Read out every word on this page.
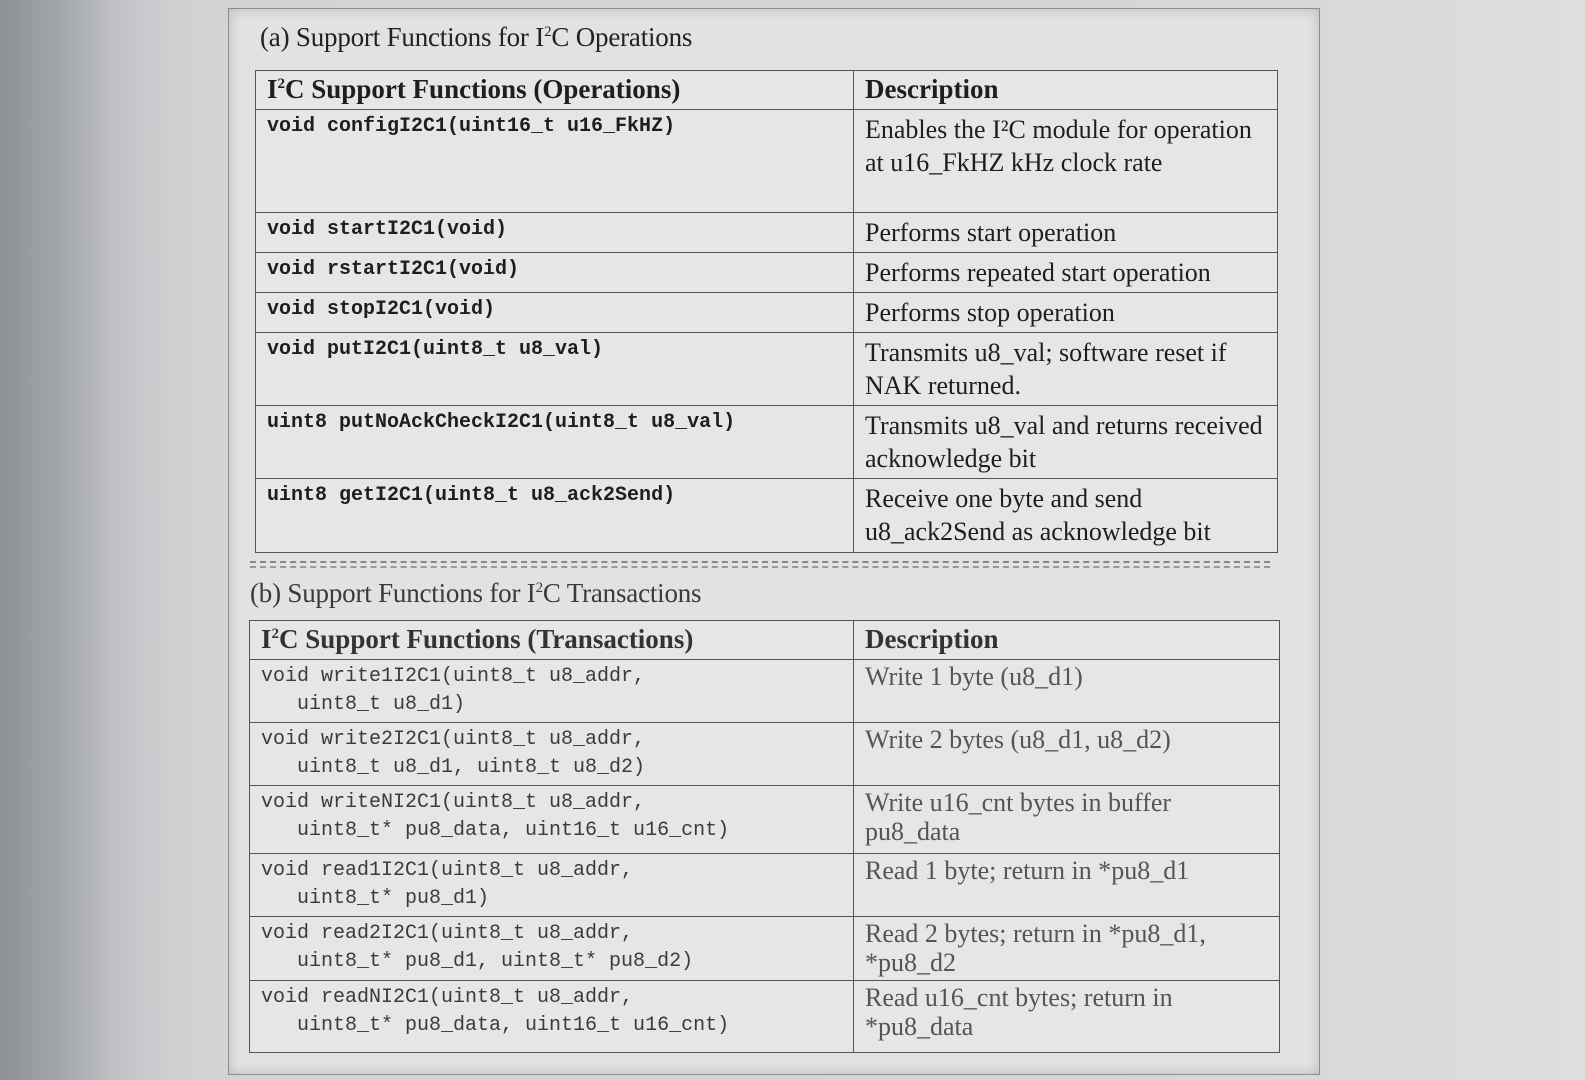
(a) Support Functions for $I^2C$ Operations
$I^2C$ Support Functions (Operations)	Description
void configI2C1(uint16_t u16_FkHZ)	Enables the I²C module for operation at u16_FkHZ kHz clock rate
void startI2C1(void)	Performs start operation
void rstartI2C1(void)	Performs repeated start operation
void stopI2C1(void)	Performs stop operation
void putI2C1(uint8_t u8_val)	Transmits u8_val; software reset if NAK returned.
uint8 putNoAckCheckI2C1(uint8_t u8_val)	Transmits u8_val and returns received acknowledge bit
uint8 getI2C1(uint8_t u8_ack2Send)	Receive one byte and send u8_ack2Send as acknowledge bit
(b) Support Functions for $I^2C$ Transactions
$I^2C$ Support Functions (Transactions)	Description
void write1I2C1(uint8_t u8_addr,
uint8_t u8_d1)	Write 1 byte (u8_d1)
void write2I2C1(uint8_t u8_addr,
uint8_t u8_d1, uint8_t u8_d2)	Write 2 bytes (u8_d1, u8_d2)
void writeNI2C1(uint8_t u8_addr,
uint8_t* pu8_data, uint16_t u16_cnt)	Write u16_cnt bytes in buffer pu8_data
void read1I2C1(uint8_t u8_addr,
uint8_t* pu8_d1)	Read 1 byte; return in *pu8_d1
void read2I2C1(uint8_t u8_addr,
uint8_t* pu8_d1, uint8_t* pu8_d2)	Read 2 bytes; return in *pu8_d1, *pu8_d2
void readNI2C1(uint8_t u8_addr,
uint8_t* pu8_data, uint16_t u16_cnt)	Read u16_cnt bytes; return in *pu8_data
